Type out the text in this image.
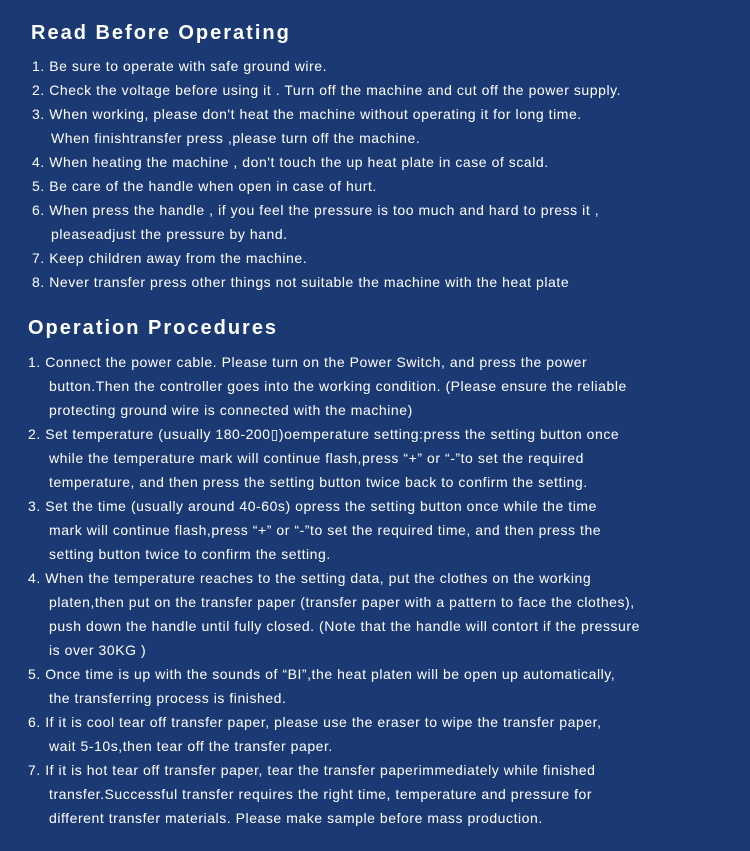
Read Before Operating
1. Be sure to operate with safe ground wire.
2. Check the voltage before using it . Turn off the machine and cut off the power supply.
3. When working, please don't heat the machine without operating it for long time.
When finishtransfer press ,please turn off the machine.
4. When heating the machine , don't touch the up heat plate in case of scald.
5. Be care of the handle when open in case of hurt.
6. When press the handle , if you feel the pressure is too much and hard to press it ,
pleaseadjust the pressure by hand.
7. Keep children away from the machine.
8. Never transfer press other things not suitable the machine with the heat plate
Operation Procedures
1. Connect the power cable. Please turn on the Power Switch, and press the power
button.Then the controller goes into the working condition. (Please ensure the reliable
protecting ground wire is connected with the machine)
2. Set temperature (usually 180-200▯)oemperature setting:press the setting button once
while the temperature mark will continue flash,press “+” or “-”to set the required
temperature, and then press the setting button twice back to confirm the setting.
3. Set the time (usually around 40-60s) opress the setting button once while the time
mark will continue flash,press “+” or “-”to set the required time, and then press the
setting button twice to confirm the setting.
4. When the temperature reaches to the setting data, put the clothes on the working
platen,then put on the transfer paper (transfer paper with a pattern to face the clothes),
push down the handle until fully closed. (Note that the handle will contort if the pressure
is over 30KG )
5. Once time is up with the sounds of “BI”,the heat platen will be open up automatically,
the transferring process is finished.
6. If it is cool tear off transfer paper, please use the eraser to wipe the transfer paper,
wait 5-10s,then tear off the transfer paper.
7. If it is hot tear off transfer paper, tear the transfer paperimmediately while finished
transfer.Successful transfer requires the right time, temperature and pressure for
different transfer materials. Please make sample before mass production.
